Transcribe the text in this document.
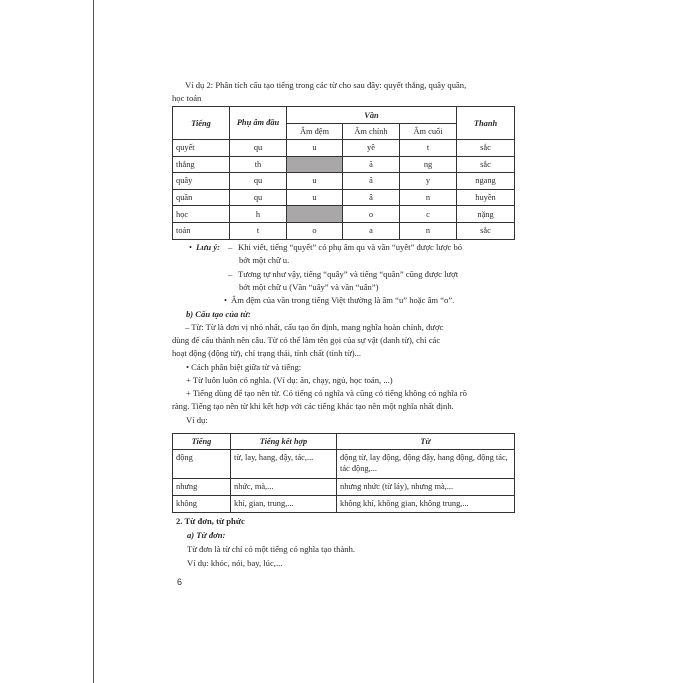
Ví dụ 2: Phân tích cấu tạo tiếng trong các từ cho sau đây: quyết thắng, quây quần,
học toán
Tiếng	Phụ âm đầu	Vần			Thanh
		Âm đệm	Âm chính	Âm cuối	
quyết	qu	u	yê	t	sắc
thắng	th		ă	ng	sắc
quây	qu	u	â	y	ngang
quần	qu	u	â	n	huyền
học	h		o	c	nặng
toán	t	o	a	n	sắc
• Lưu ý: – Khi viết, tiếng “quyết” có phụ âm qu và vần “uyêt” được lược bỏ
bớt một chữ u.
– Tương tự như vậy, tiếng “quây” và tiếng “quần” cũng được lượt
bớt một chữ u (Vần “uây” và vần “uân”)
• Âm đệm của vần trong tiếng Việt thường là âm “u” hoặc âm “o”.
b) Cấu tạo của từ:
– Từ: Từ là đơn vị nhỏ nhất, cấu tạo ổn định, mang nghĩa hoàn chỉnh, được
dùng để cấu thành nên câu. Từ có thể làm tên gọi của sự vật (danh từ), chỉ các
hoạt động (động từ), chỉ trạng thái, tính chất (tính từ)...
• Cách phân biệt giữa từ và tiếng:
+ Từ luôn luôn có nghĩa. (Ví dụ: ăn, chạy, ngủ, học toán, ...)
+ Tiếng dùng để tạo nên từ. Có tiếng có nghĩa và cũng có tiếng không có nghĩa rõ
ràng. Tiếng tạo nên từ khi kết hợp với các tiếng khác tạo nên một nghĩa nhất định.
Ví dụ:
Tiếng	Tiếng kết hợp	Từ
động	từ, lay, hang, đậy, tác,...	động từ, lay động, động đậy, hang động, động tác, tác động,...
nhưng	nhức, mà,...	nhưng nhức (từ láy), nhưng mà,...
không	khí, gian, trung,...	không khí, không gian, không trung,...
2. Từ đơn, từ phức
a) Từ đơn:
Từ đơn là từ chỉ có một tiếng có nghĩa tạo thành.
Ví dụ: khóc, nói, bay, lúc,...
6
